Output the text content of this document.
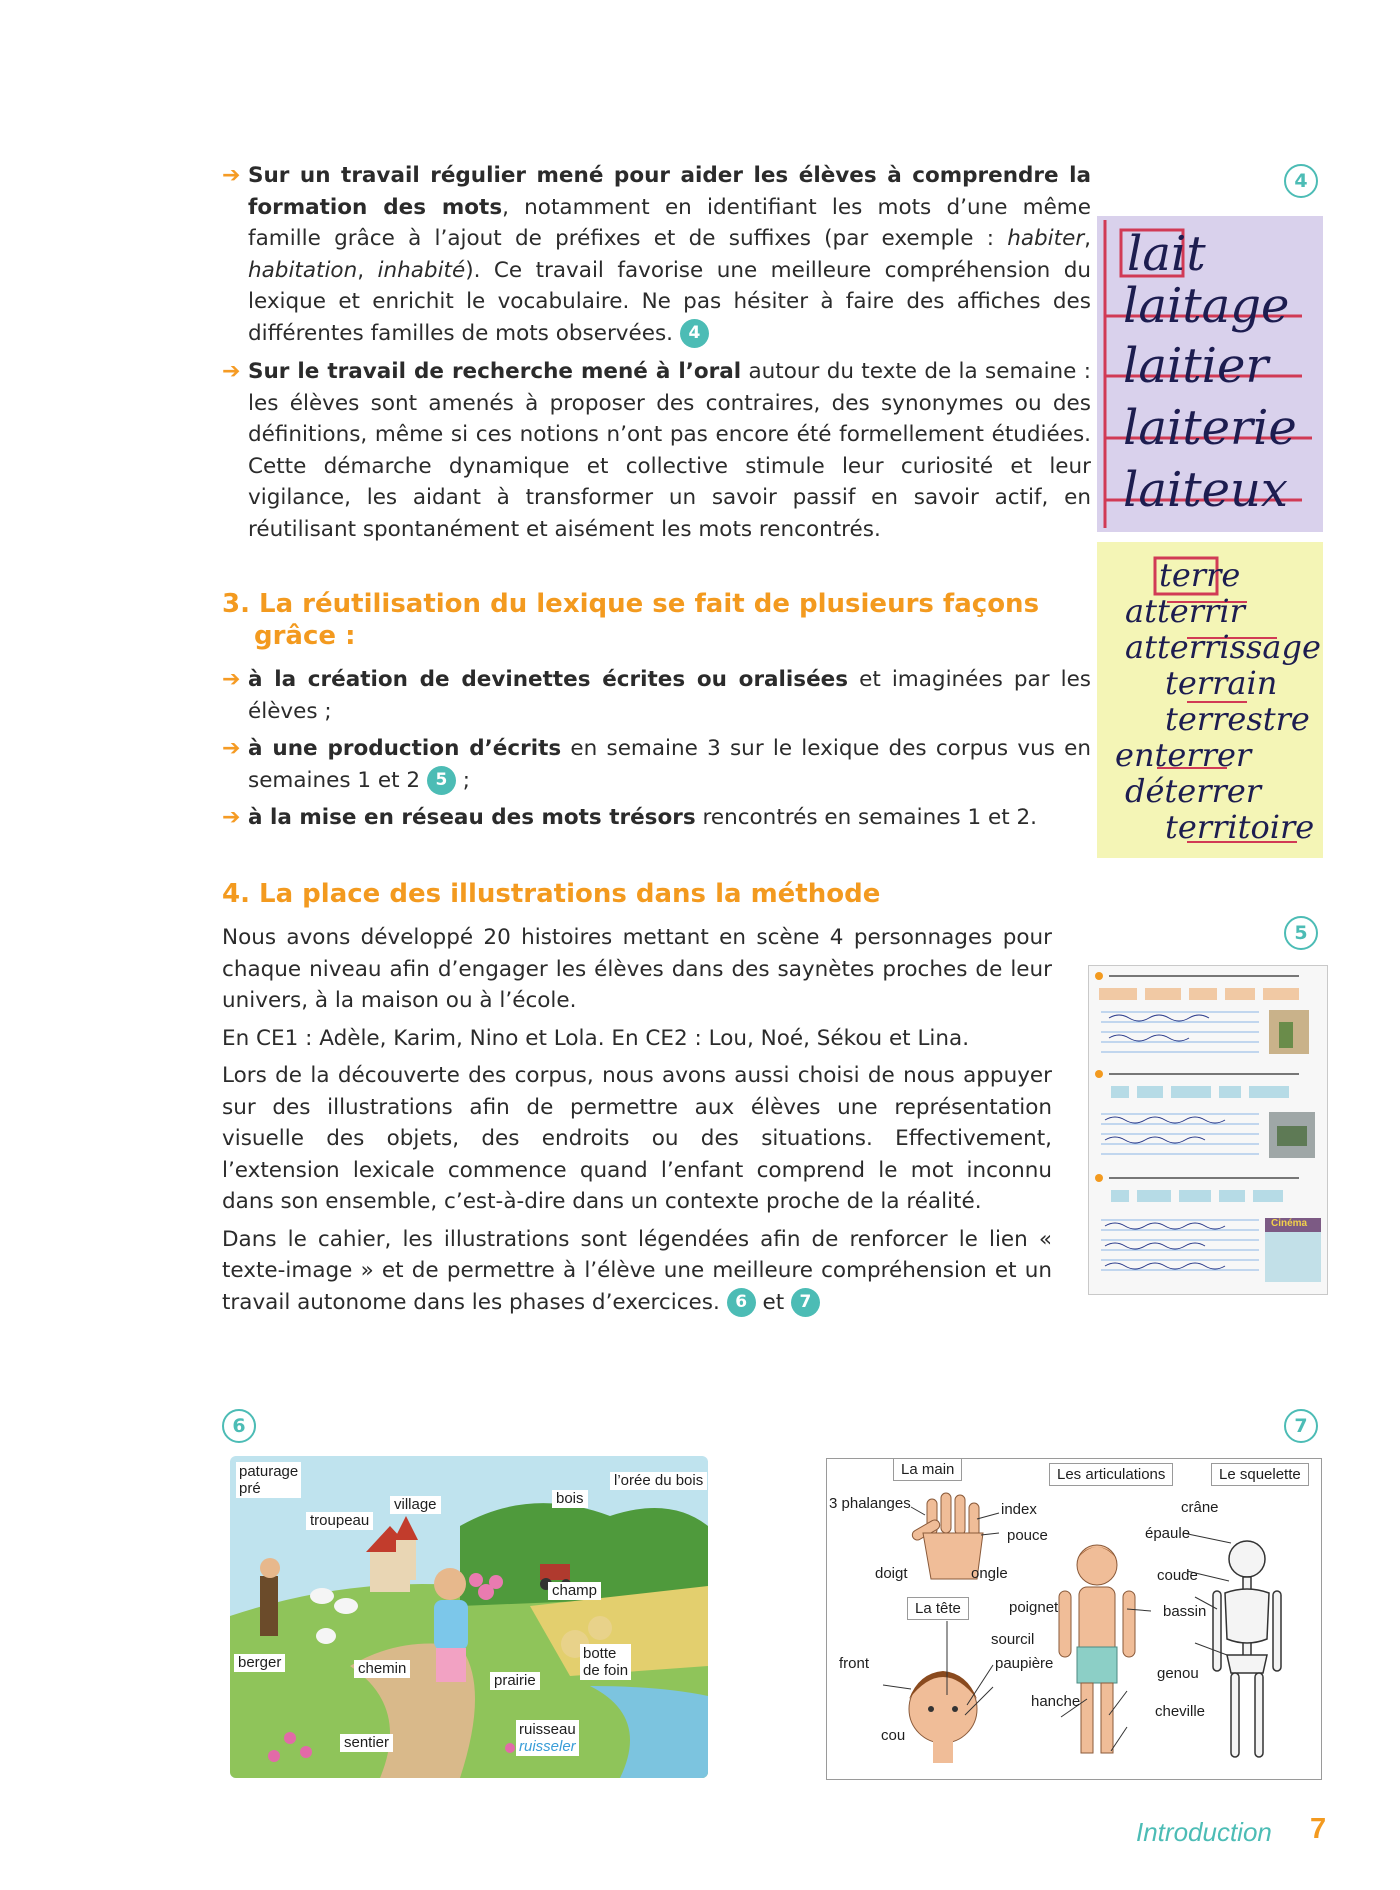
➔ Sur un travail régulier mené pour aider les élèves à comprendre la formation des mots, notamment en identifiant les mots d’une même famille grâce à l’ajout de préfixes et de suffixes (par exemple : habiter, habitation, inhabité). Ce travail favorise une meilleure compréhension du lexique et enrichit le vocabulaire. Ne pas hésiter à faire des affiches des différentes familles de mots observées. 4
➔ Sur le travail de recherche mené à l’oral autour du texte de la semaine : les élèves sont amenés à proposer des contraires, des synonymes ou des définitions, même si ces notions n’ont pas encore été formellement étudiées. Cette démarche dynamique et collective stimule leur curiosité et leur vigilance, les aidant à transformer un savoir passif en savoir actif, en réutilisant spontanément et aisément les mots rencontrés.
3. La réutilisation du lexique se fait de plusieurs façons
grâce :
➔ à la création de devinettes écrites ou oralisées et imaginées par les élèves ;
➔ à une production d’écrits en semaine 3 sur le lexique des corpus vus en semaines 1 et 2 5 ;
➔ à la mise en réseau des mots trésors rencontrés en semaines 1 et 2.
4. La place des illustrations dans la méthode

Nous avons développé 20 histoires mettant en scène 4 personnages pour chaque niveau afin d’engager les élèves dans des saynètes proches de leur univers, à la maison ou à l’école.

En CE1 : Adèle, Karim, Nino et Lola. En CE2 : Lou, Noé, Sékou et Lina.

Lors de la découverte des corpus, nous avons aussi choisi de nous appuyer sur des illustrations afin de permettre aux élèves une représentation visuelle des objets, des endroits ou des situations. Effectivement, l’extension lexicale commence quand l’enfant comprend le mot inconnu dans son ensemble, c’est-à-dire dans un contexte proche de la réalité.

Dans le cahier, les illustrations sont légendées afin de renforcer le lien « texte-image » et de permettre à l’élève une meilleure compréhension et un travail autonome dans les phases d’exercices. 6 et 7

4
lait
laitage
laitier
laiterie
laiteux
terre
atterrir
atterrissage
terrain
terrestre
enterrer
déterrer
territoire
5
Cinéma
6
paturage
pré
troupeau
village	bois
l’orée du bois
champ
berger	chemin
prairie
botte
de foin
sentier
ruisseau
ruisseler
7
La main	Les articulations	Le squelette
La tête
3 phalanges	index
pouce
doigt	ongle
poignet
épaule
coude
crâne
bassin
sourcil
paupière
front
genou
hanche
cheville
cou
Introduction 7
